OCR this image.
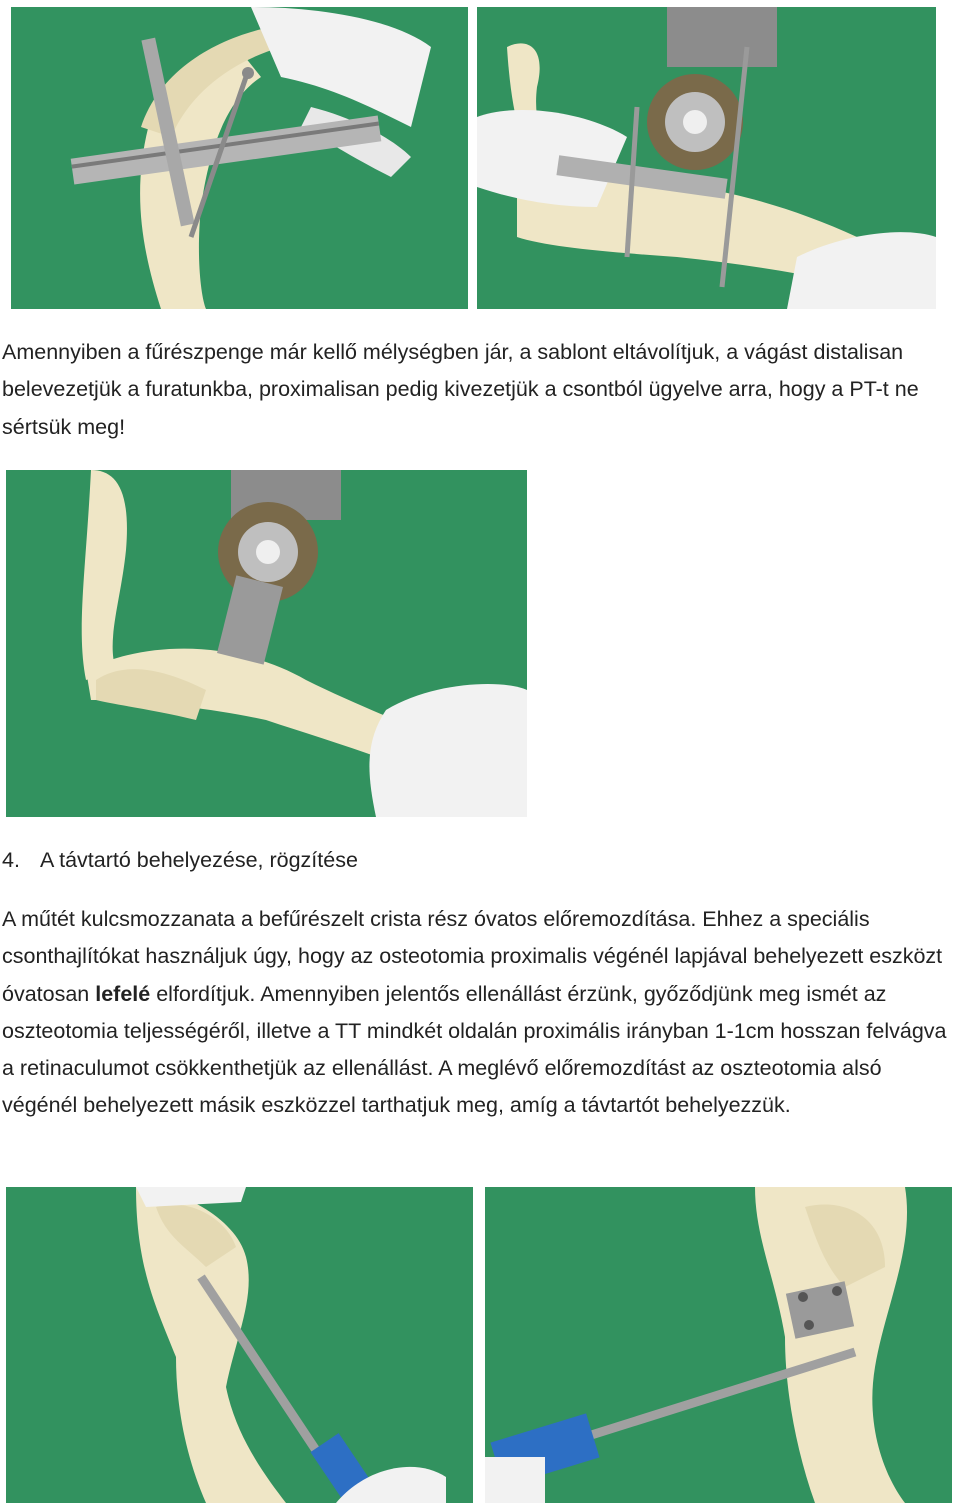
Amennyiben a fűrészpenge már kellő mélységben jár, a sablont eltávolítjuk, a vágást distalisan belevezetjük a furatunkba, proximalisan pedig kivezetjük a csontból ügyelve arra, hogy a PT-t ne sértsük meg!

4. A távtartó behelyezése, rögzítése

A műtét kulcsmozzanata a befűrészelt crista rész óvatos előremozdítása. Ehhez a speciális csonthajlítókat használjuk úgy, hogy az osteotomia proximalis végénél lapjával behelyezett eszközt óvatosan lefelé elfordítjuk. Amennyiben jelentős ellenállást érzünk, győződjünk meg ismét az oszteotomia teljességéről, illetve a TT mindkét oldalán proximális irányban 1-1cm hosszan felvágva a retinaculumot csökkenthetjük az ellenállást. A meglévő előremozdítást az oszteotomia alsó végénél behelyezett másik eszközzel tarthatjuk meg, amíg a távtartót behelyezzük.
